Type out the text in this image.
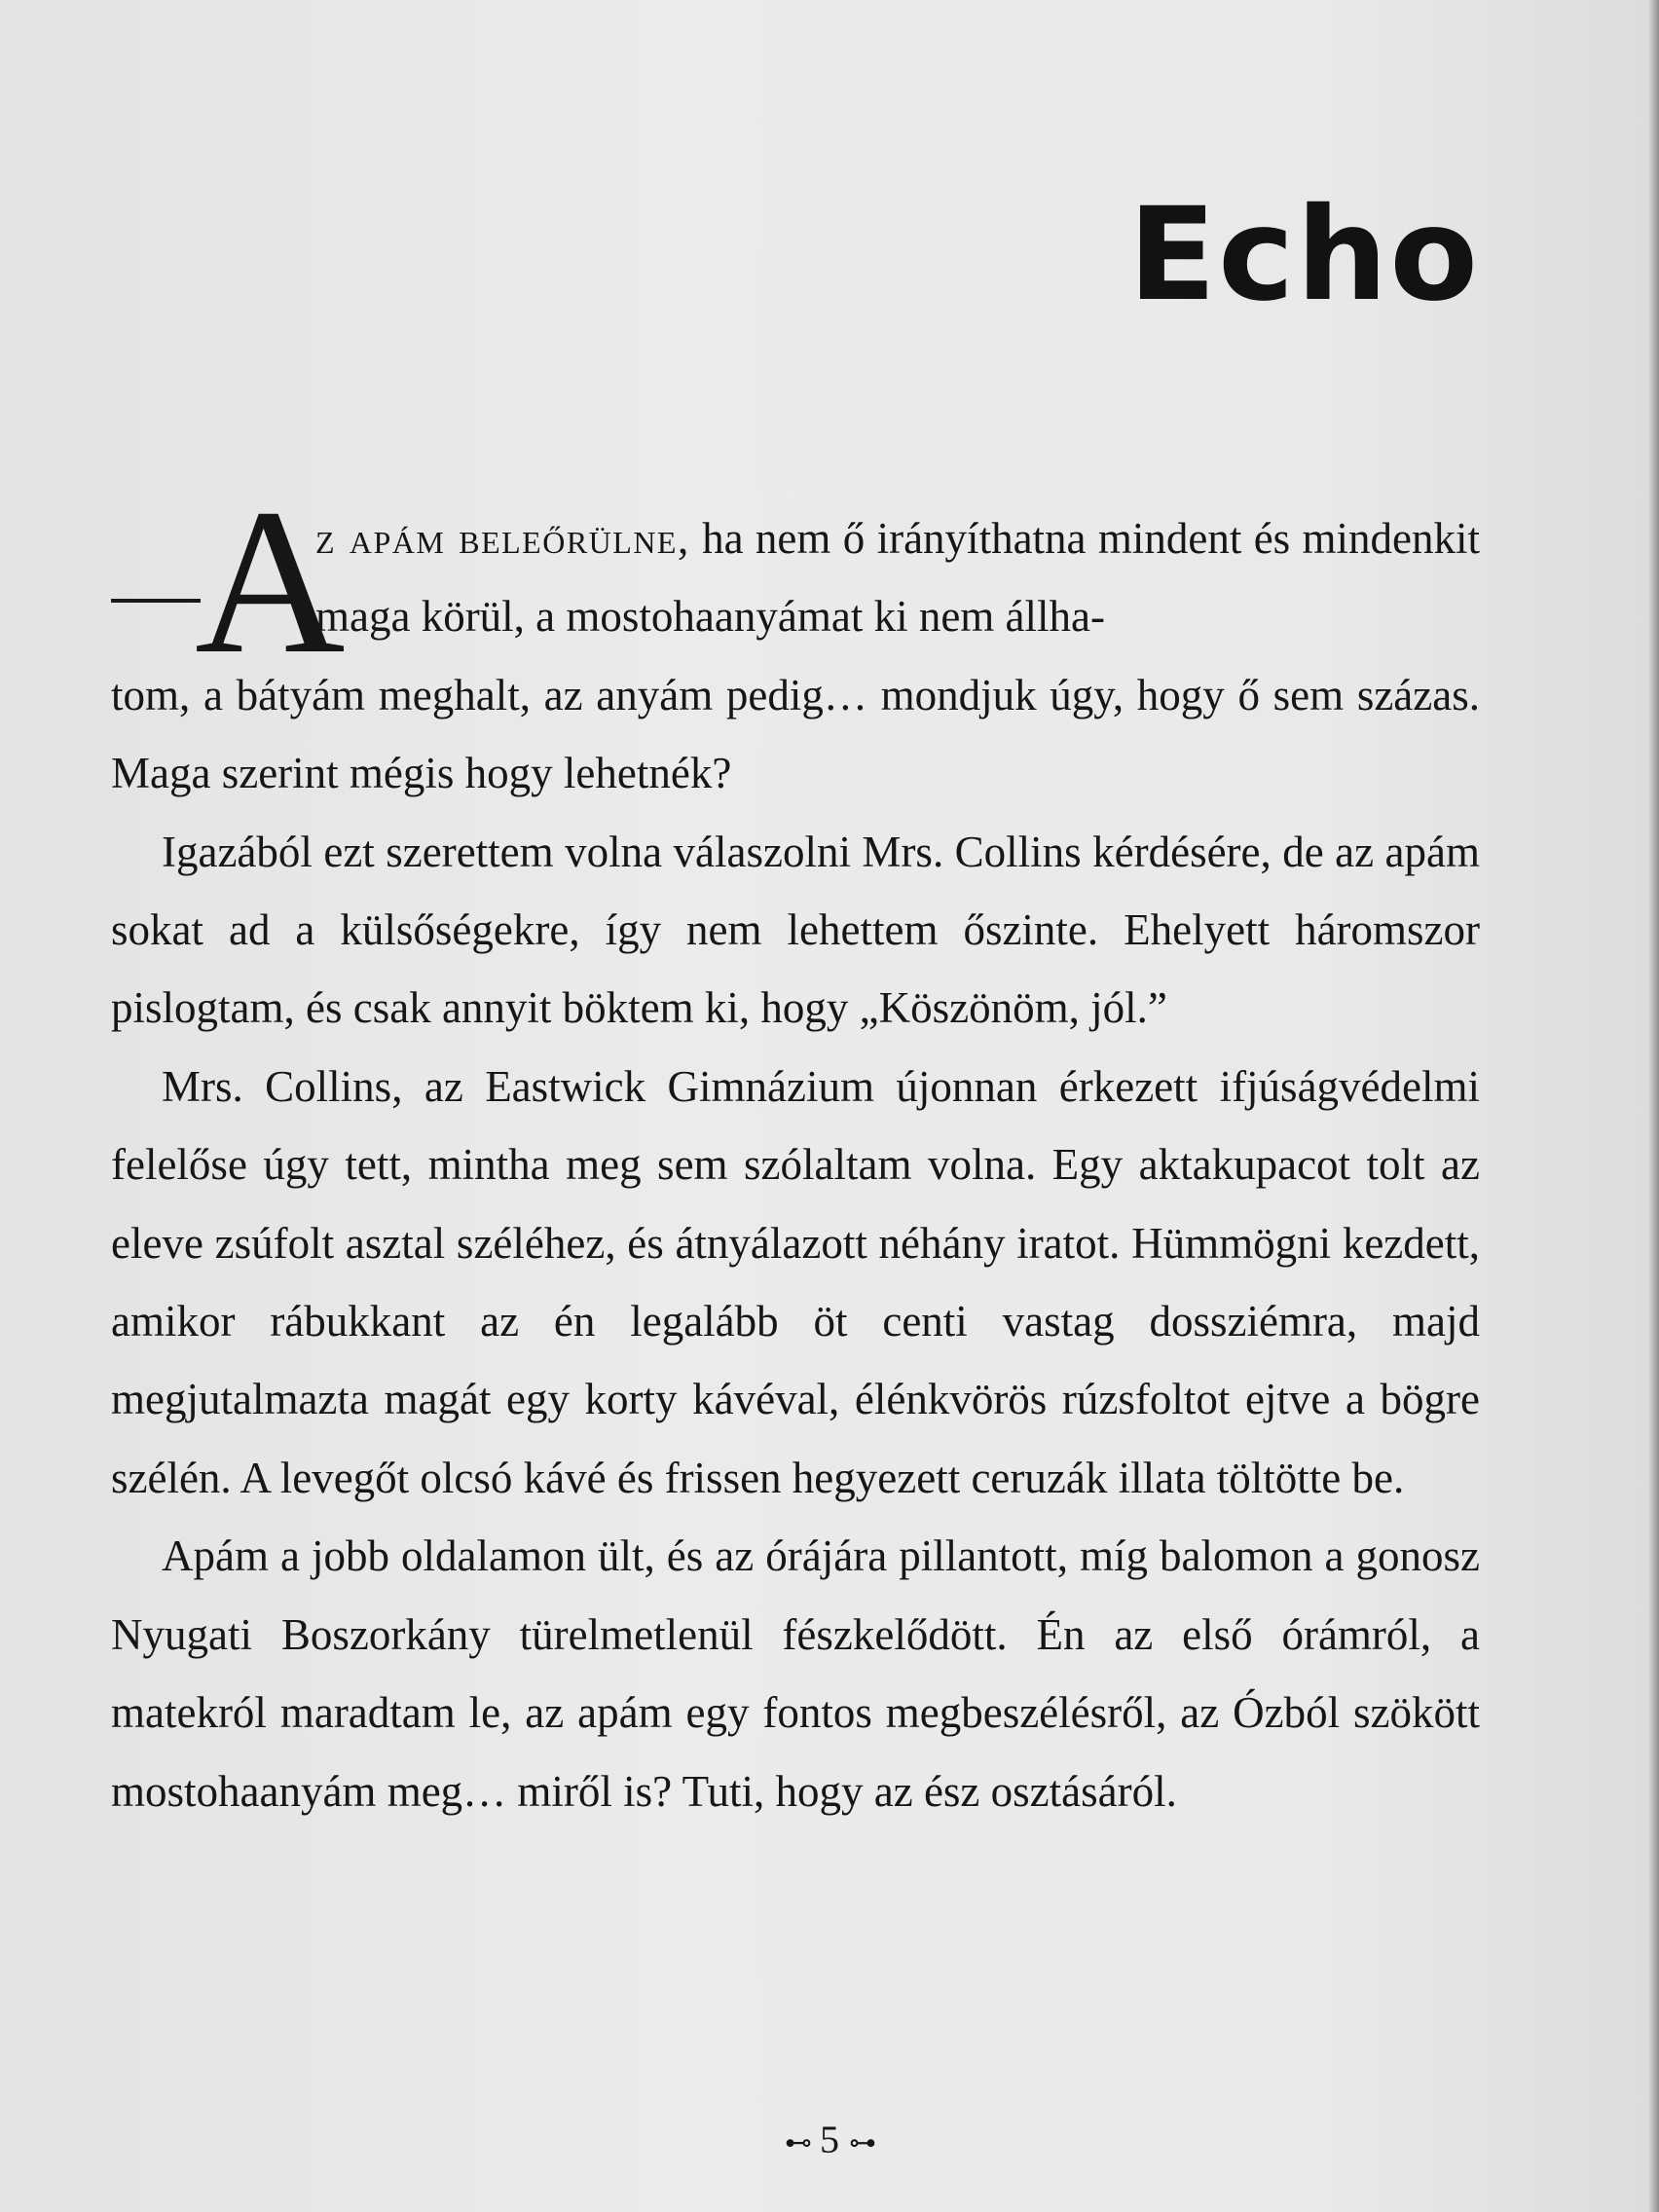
Echo
A
z apám beleőrülne, ha nem ő irányíthatna mindent és mindenkit maga körül, a mostohaanyámat ki nem állha-

tom, a bátyám meghalt, az anyám pedig… mondjuk úgy, hogy ő sem százas. Maga szerint mégis hogy lehetnék?

Igazából ezt szerettem volna válaszolni Mrs. Collins kérdésére, de az apám sokat ad a külsőségekre, így nem lehettem őszinte. Ehelyett háromszor pislogtam, és csak annyit böktem ki, hogy „Köszönöm, jól.”

Mrs. Collins, az Eastwick Gimnázium újonnan érkezett ifjúságvédelmi felelőse úgy tett, mintha meg sem szólaltam volna. Egy aktakupacot tolt az eleve zsúfolt asztal széléhez, és átnyálazott néhány iratot. Hümmögni kezdett, amikor rábukkant az én legalább öt centi vastag dossziémra, majd megjutalmazta magát egy korty kávéval, élénkvörös rúzsfoltot ejtve a bögre szélén. A levegőt olcsó kávé és frissen hegyezett ceruzák illata töltötte be.

Apám a jobb oldalamon ült, és az órájára pillantott, míg balomon a gonosz Nyugati Boszorkány türelmetlenül fészkelődött. Én az első órámról, a matekról maradtam le, az apám egy fontos megbeszélésről, az Ózból szökött mostohaanyám meg… miről is? Tuti, hogy az ész osztásáról.

⊷ 5 ⊶
